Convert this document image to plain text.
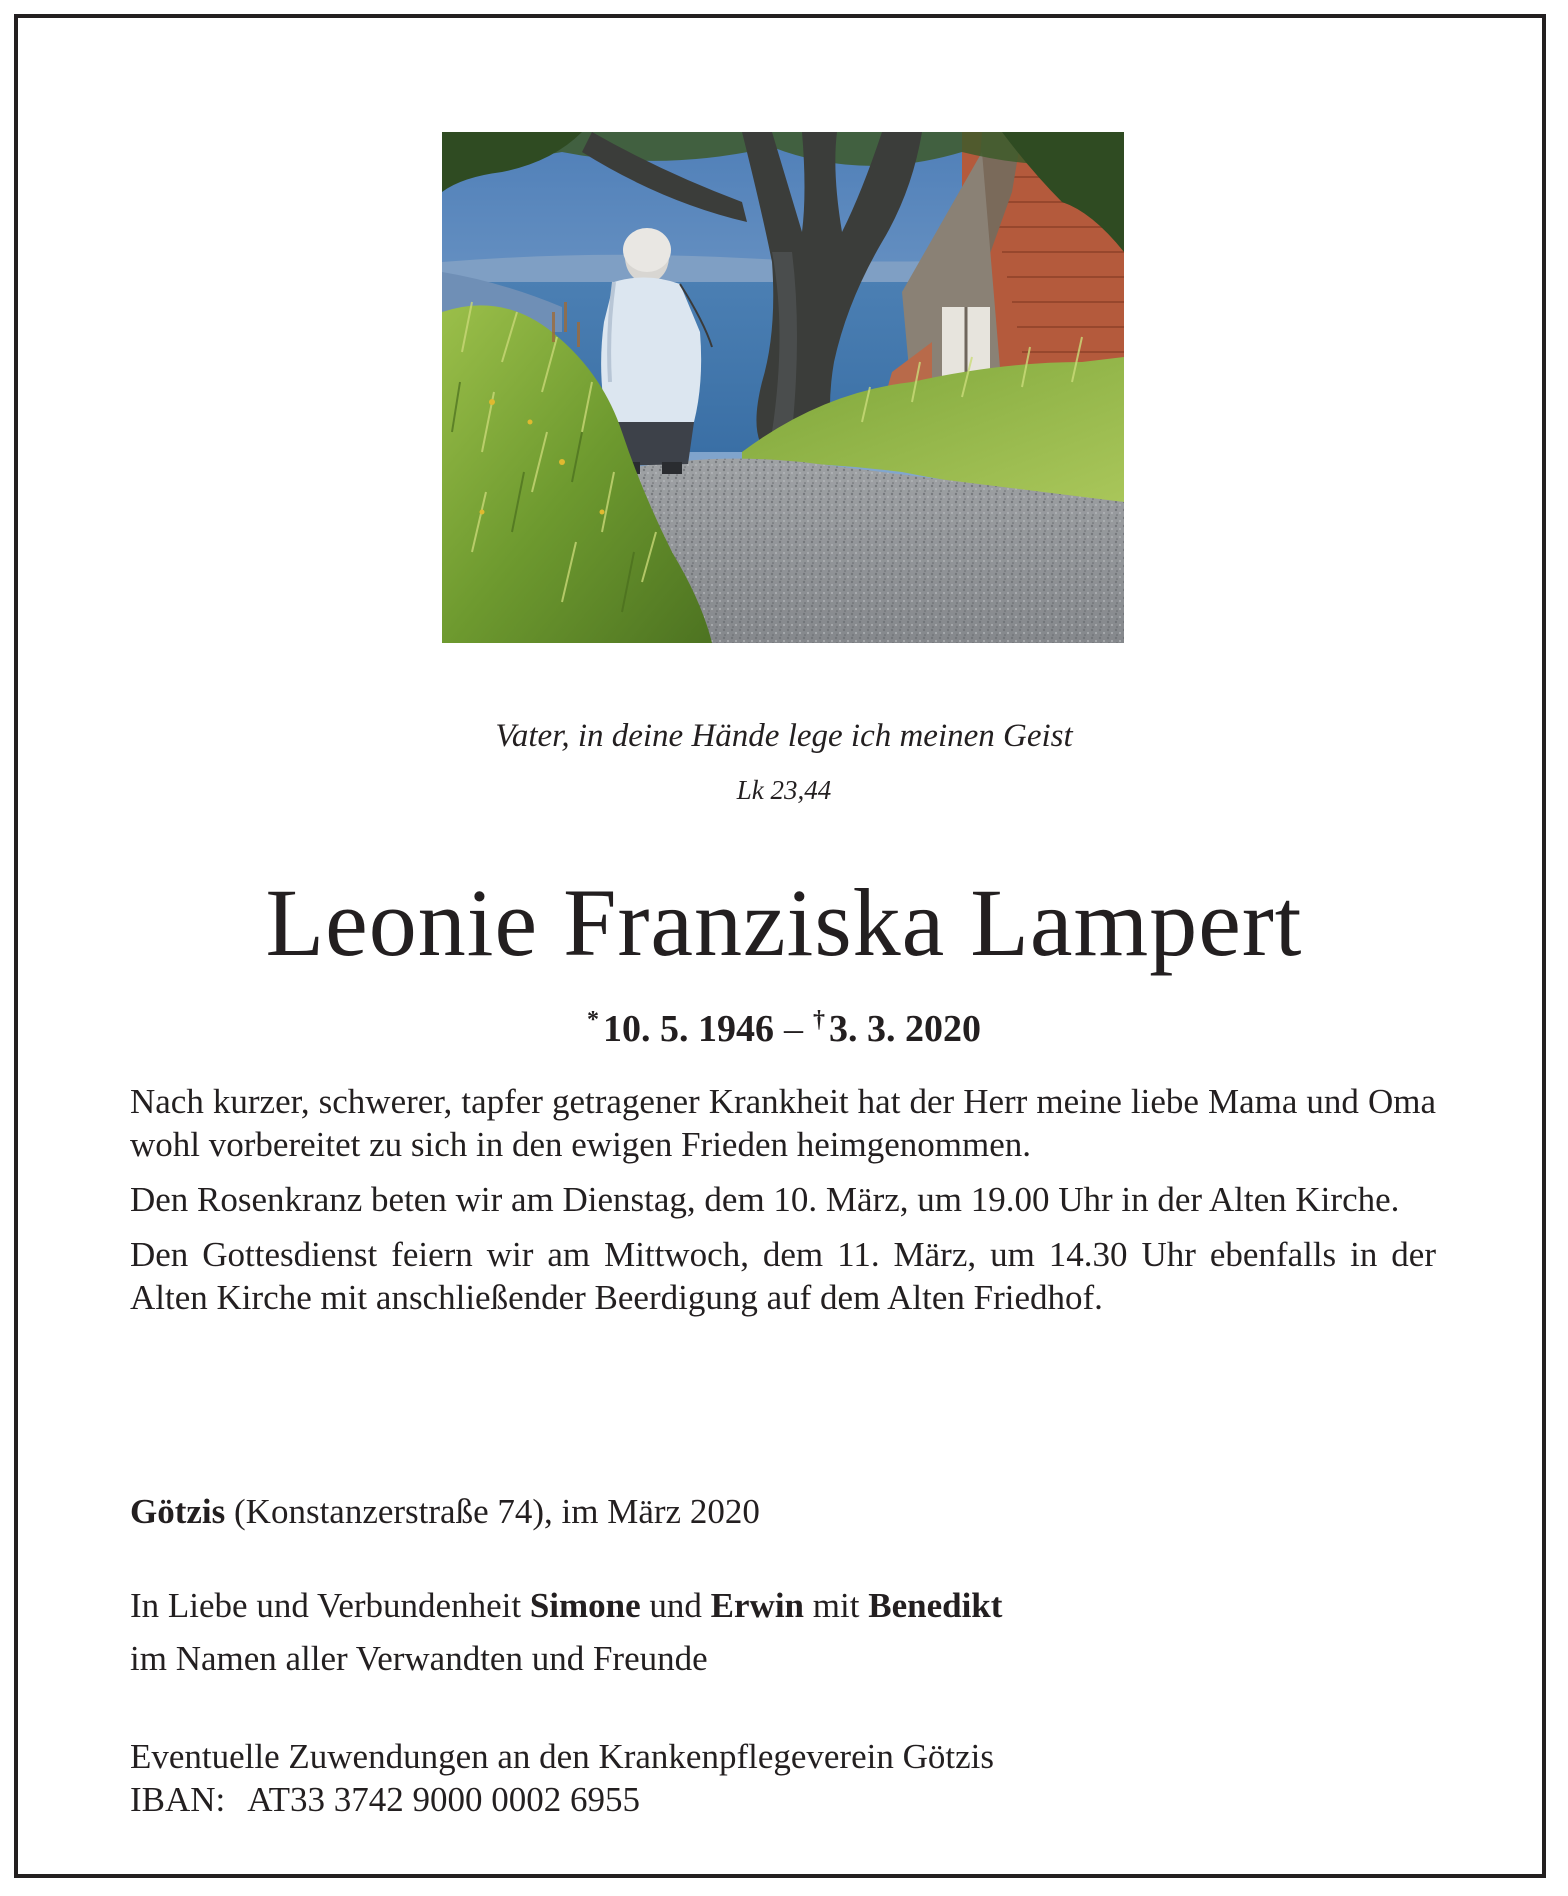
Vater, in deine Hände lege ich meinen Geist
Lk 23,44
Leonie Franziska Lampert
* 10. 5. 1946 – † 3. 3. 2020

Nach kurzer, schwerer, tapfer getragener Krankheit hat der Herr meine liebe Mama und Oma wohl vorbereitet zu sich in den ewigen Frieden heimgenommen.

Den Rosenkranz beten wir am Dienstag, dem 10. März, um 19.00 Uhr in der Alten Kirche.

Den Gottesdienst feiern wir am Mittwoch, dem 11. März, um 14.30 Uhr ebenfalls in der Alten Kirche mit anschließender Beerdigung auf dem Alten Friedhof.

Götzis (Konstanzerstraße 74), im März 2020
In Liebe und Verbundenheit Simone und Erwin mit Benedikt
im Namen aller Verwandten und Freunde
Eventuelle Zuwendungen an den Krankenpflegeverein Götzis
IBAN: AT33 3742 9000 0002 6955
